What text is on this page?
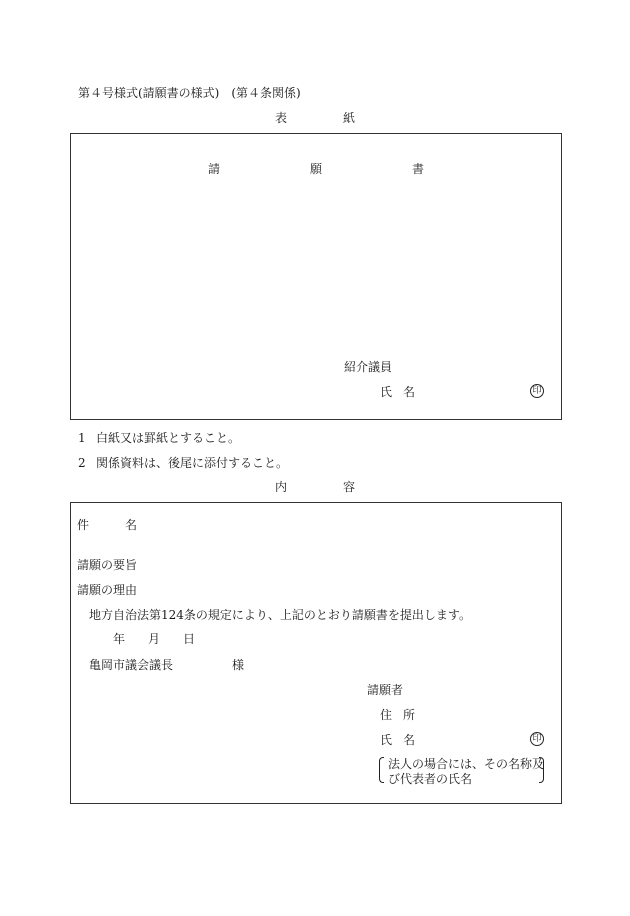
第４号様式(請願書の様式)　(第４条関係)
表	紙
請	願	書
紹介議員
氏 名	印
1 白紙又は罫紙とすること。
2 関係資料は、後尾に添付すること。
内	容
件	名
請願の要旨
請願の理由
地方自治法第124条の規定により、上記のとおり請願書を提出します。
年 月 日
亀岡市議会議長	様
請願者
住 所
氏 名	印
法人の場合には、その名称及
び代表者の氏名
